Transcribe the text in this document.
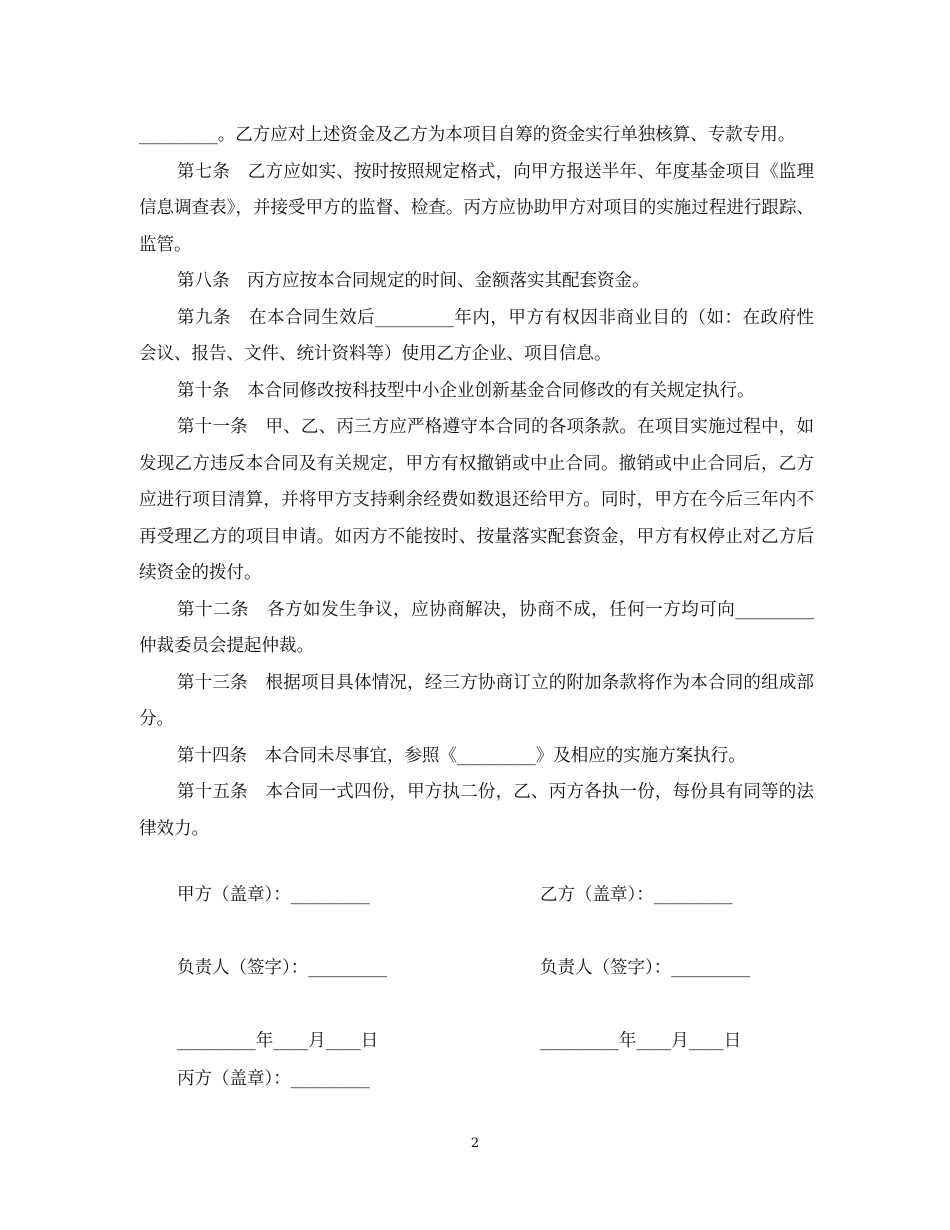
_________。乙方应对上述资金及乙方为本项目自筹的资金实行单独核算、专款专用。

第七条　乙方应如实、按时按照规定格式，向甲方报送半年、年度基金项目《监理信息调查表》，并接受甲方的监督、检查。丙方应协助甲方对项目的实施过程进行跟踪、监管。

第八条　丙方应按本合同规定的时间、金额落实其配套资金。

第九条　在本合同生效后_________年内，甲方有权因非商业目的（如：在政府性会议、报告、文件、统计资料等）使用乙方企业、项目信息。

第十条　本合同修改按科技型中小企业创新基金合同修改的有关规定执行。

第十一条　甲、乙、丙三方应严格遵守本合同的各项条款。在项目实施过程中，如发现乙方违反本合同及有关规定，甲方有权撤销或中止合同。撤销或中止合同后，乙方应进行项目清算，并将甲方支持剩余经费如数退还给甲方。同时，甲方在今后三年内不再受理乙方的项目申请。如丙方不能按时、按量落实配套资金，甲方有权停止对乙方后续资金的拨付。

第十二条　各方如发生争议，应协商解决，协商不成，任何一方均可向_________仲裁委员会提起仲裁。

第十三条　根据项目具体情况，经三方协商订立的附加条款将作为本合同的组成部分。

第十四条　本合同未尽事宜，参照《_________》及相应的实施方案执行。

第十五条　本合同一式四份，甲方执二份，乙、丙方各执一份，每份具有同等的法律效力。

甲方（盖章）：_________	乙方（盖章）：_________
负责人（签字）：_________	负责人（签字）：_________
_________年____月____日	_________年____月____日
丙方（盖章）：_________
2
